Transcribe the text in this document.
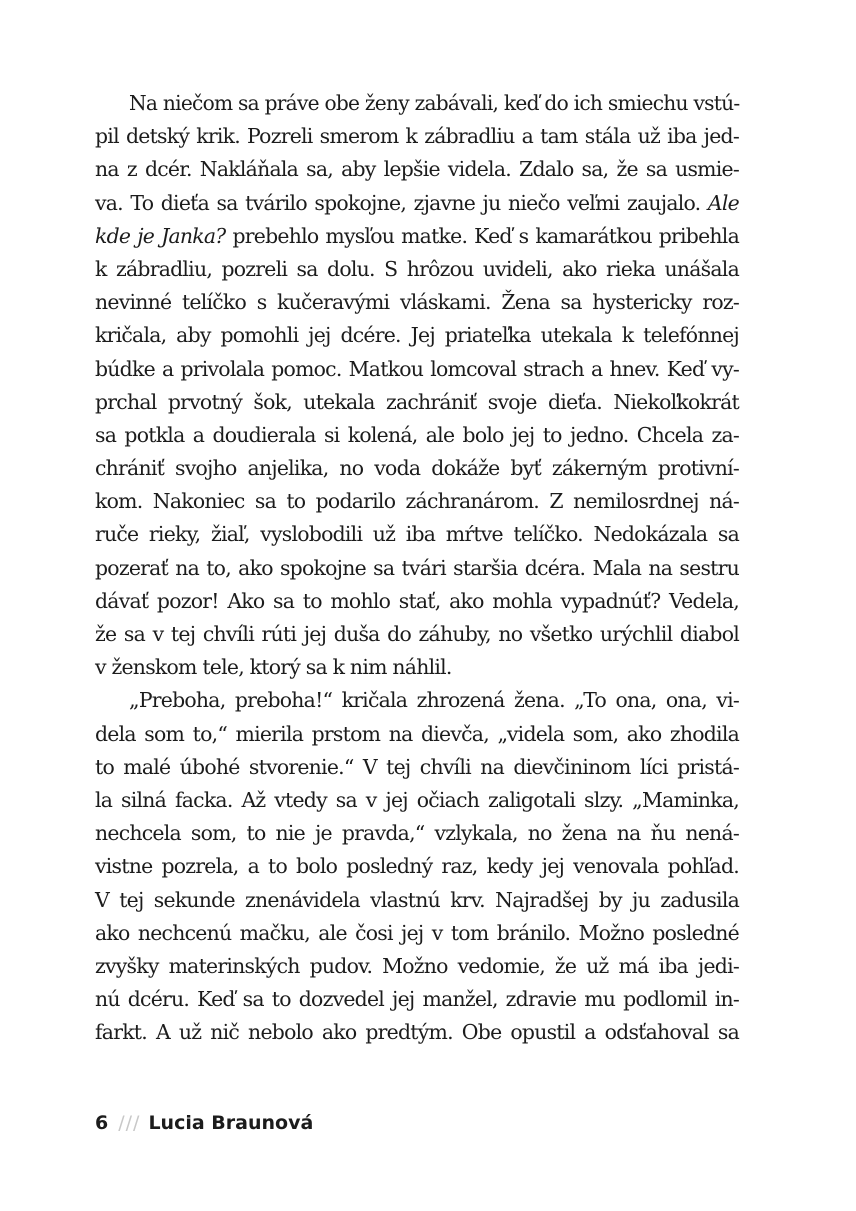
Na niečom sa práve obe ženy zabávali, keď do ich smiechu vstú-
pil detský krik. Pozreli smerom k zábradliu a tam stála už iba jed-
na z dcér. Nakláňala sa, aby lepšie videla. Zdalo sa, že sa usmie-
va. To dieťa sa tvárilo spokojne, zjavne ju niečo veľmi zaujalo. Ale
kde je Janka? prebehlo mysľou matke. Keď s kamarátkou pribehla
k zábradliu, pozreli sa dolu. S hrôzou uvideli, ako rieka unášala
nevinné telíčko s kučeravými vláskami. Žena sa hystericky roz-
kričala, aby pomohli jej dcére. Jej priateľka utekala k telefónnej
búdke a privolala pomoc. Matkou lomcoval strach a hnev. Keď vy-
prchal prvotný šok, utekala zachrániť svoje dieťa. Niekoľkokrát
sa potkla a doudierala si kolená, ale bolo jej to jedno. Chcela za-
chrániť svojho anjelika, no voda dokáže byť zákerným protivní-
kom. Nakoniec sa to podarilo záchranárom. Z nemilosrdnej ná-
ruče rieky, žiaľ, vyslobodili už iba mŕtve telíčko. Nedokázala sa
pozerať na to, ako spokojne sa tvári staršia dcéra. Mala na sestru
dávať pozor! Ako sa to mohlo stať, ako mohla vypadnúť? Vedela,
že sa v tej chvíli rúti jej duša do záhuby, no všetko urýchlil diabol
v ženskom tele, ktorý sa k nim náhlil.
„Preboha, preboha!“ kričala zhrozená žena. „To ona, ona, vi-
dela som to,“ mierila prstom na dievča, „videla som, ako zhodila
to malé úbohé stvorenie.“ V tej chvíli na dievčininom líci pristá-
la silná facka. Až vtedy sa v jej očiach zaligotali slzy. „Maminka,
nechcela som, to nie je pravda,“ vzlykala, no žena na ňu nená-
vistne pozrela, a to bolo posledný raz, kedy jej venovala pohľad.
V tej sekunde znenávidela vlastnú krv. Najradšej by ju zadusila
ako nechcenú mačku, ale čosi jej v tom bránilo. Možno posledné
zvyšky materinských pudov. Možno vedomie, že už má iba jedi-
nú dcéru. Keď sa to dozvedel jej manžel, zdravie mu podlomil in-
farkt. A už nič nebolo ako predtým. Obe opustil a odsťahoval sa
6 /// Lucia Braunová
